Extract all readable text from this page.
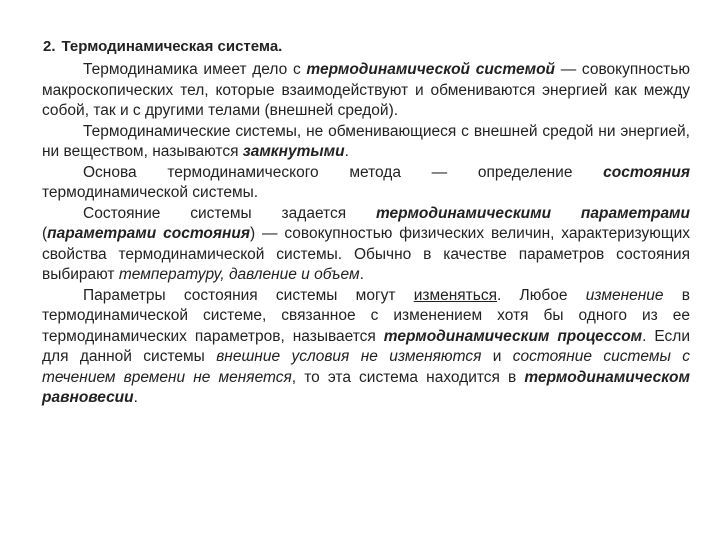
2. Термодинамическая система.

Термодинамика имеет дело с термодинамической системой — совокупностью макроскопических тел, которые взаимодействуют и обмениваются энергией как между собой, так и с другими телами (внешней средой).

Термодинамические системы, не обменивающиеся с внешней средой ни энергией, ни веществом, называются замкнутыми.

Основа термодинамического метода — определение состояния термодинамической системы.

Состояние системы задается термодинамическими параметрами (параметрами состояния) — совокупностью физических величин, характеризующих свойства термодинамической системы. Обычно в качестве параметров состояния выбирают температуру, давление и объем.

Параметры состояния системы могут изменяться. Любое изменение в термодинамической системе, связанное с изменением хотя бы одного из ее термодинамических параметров, называется термодинамическим процессом. Если для данной системы внешние условия не изменяются и состояние системы с течением времени не меняется, то эта система находится в термодинамическом равновесии.
